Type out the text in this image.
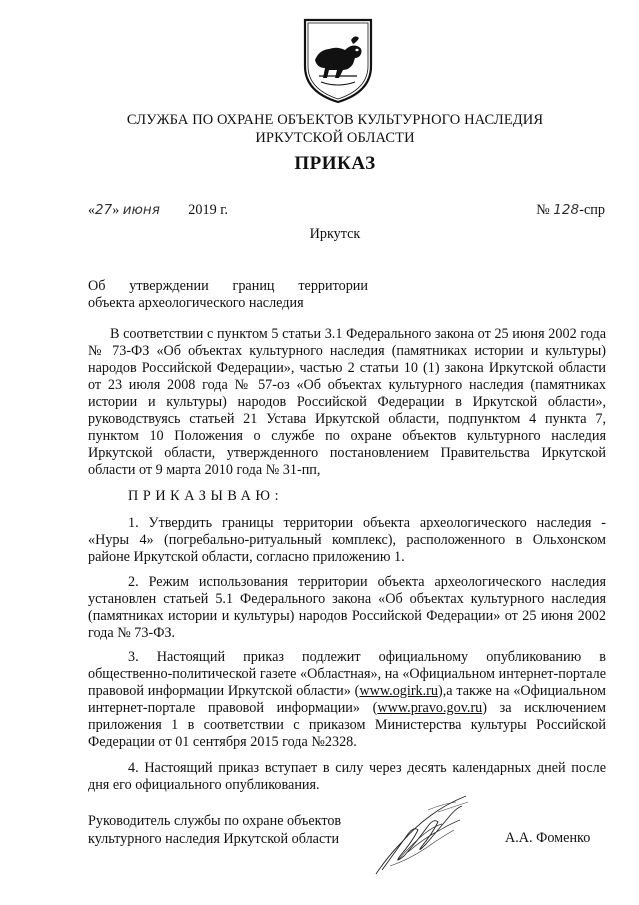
СЛУЖБА ПО ОХРАНЕ ОБЪЕКТОВ КУЛЬТУРНОГО НАСЛЕДИЯ
ИРКУТСКОЙ ОБЛАСТИ
ПРИКАЗ
«27» июня 2019 г.	№ 128-спр
Иркутск
Об   утверждении   границ   территории
объекта археологического наследия

В соответствии с пунктом 5 статьи 3.1 Федерального закона от 25 июня 2002 года № 73-ФЗ «Об объектах культурного наследия (памятниках истории и культуры) народов Российской Федерации», частью 2 статьи 10 (1) закона Иркутской области от 23 июля 2008 года № 57-оз «Об объектах культурного наследия (памятниках истории и культуры) народов Российской Федерации в Иркутской области», руководствуясь статьей 21 Устава Иркутской области, подпунктом 4 пункта 7, пунктом 10 Положения о службе по охране объектов культурного наследия Иркутской области, утвержденного постановлением Правительства Иркутской области от 9 марта 2010 года № 31-пп,

ПРИКАЗЫВАЮ:

1. Утвердить границы территории объекта археологического наследия - «Нуры 4» (погребально-ритуальный комплекс), расположенного в Ольхонском районе Иркутской области, согласно приложению 1.

2. Режим использования территории объекта археологического наследия установлен статьей 5.1 Федерального закона «Об объектах культурного наследия (памятниках истории и культуры) народов Российской Федерации» от 25 июня 2002 года № 73-ФЗ.

3. Настоящий приказ подлежит официальному опубликованию в общественно-политической газете «Областная», на «Официальном интернет-портале правовой информации Иркутской области» (www.ogirk.ru),а также на «Официальном интернет-портале правовой информации» (www.pravo.gov.ru) за исключением приложения 1 в соответствии с приказом Министерства культуры Российской Федерации от 01 сентября 2015 года №2328.

4. Настоящий приказ вступает в силу через десять календарных дней после дня его официального опубликования.

Руководитель службы по охране объектов
культурного наследия Иркутской области	А.А. Фоменко
